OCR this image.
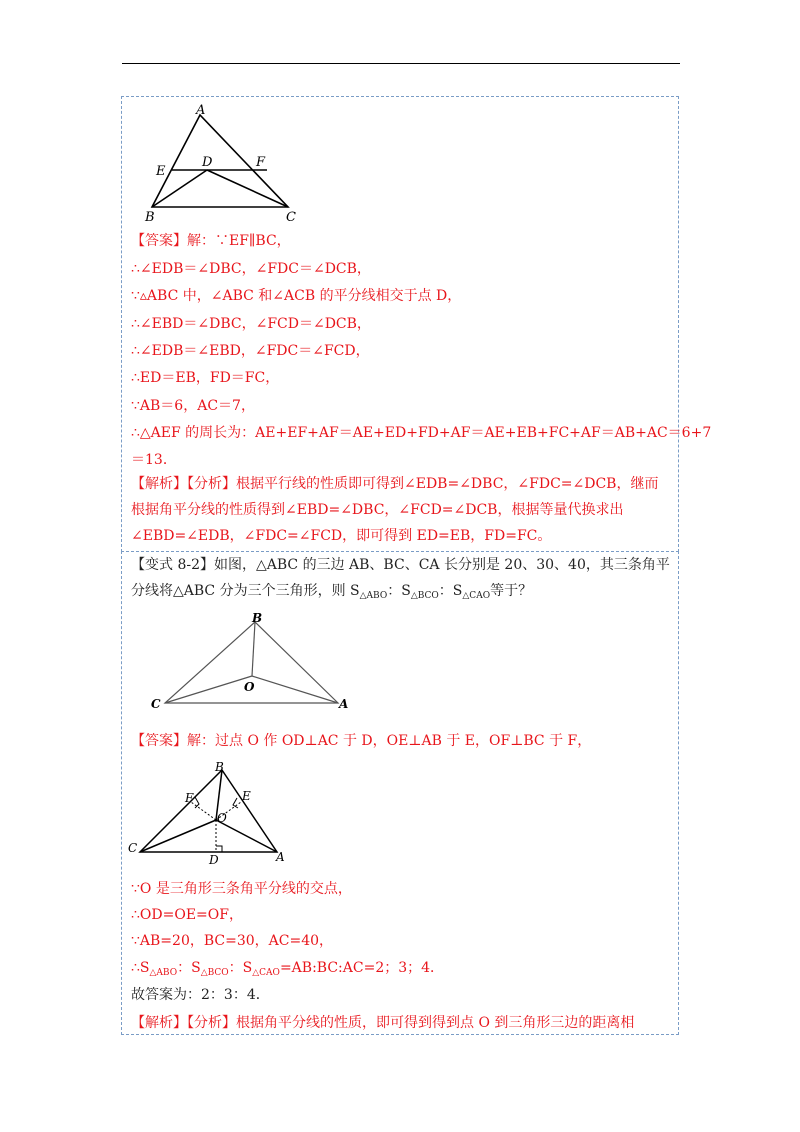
A
B	C
D
E
F
【答案】解：∵EF∥BC，
∴∠EDB＝∠DBC，∠FDC＝∠DCB，
∵▵ABC 中，∠ABC 和∠ACB 的平分线相交于点 D，
∴∠EBD＝∠DBC，∠FCD＝∠DCB，
∴∠EDB＝∠EBD，∠FDC＝∠FCD，
∴ED＝EB，FD＝FC，
∵AB＝6，AC＝7，
∴△AEF 的周长为：AE+EF+AF＝AE+ED+FD+AF＝AE+EB+FC+AF＝AB+AC＝6+7
＝13．
【解析】【分析】根据平行线的性质即可得到∠EDB=∠DBC，∠FDC=∠DCB，继而
根据角平分线的性质得到∠EBD=∠DBC，∠FCD=∠DCB，根据等量代换求出
∠EBD=∠EDB，∠FDC=∠FCD，即可得到 ED=EB，FD=FC。
【变式 8-2】如图，△ABC 的三边 AB、BC、CA 长分别是 20、30、40，其三条角平
分线将△ABC 分为三个三角形，则 $S_{\triangle ABO}$：$S_{\triangle BCO}$：$S_{\triangle CAO}$等于？
B
C	A
O
【答案】解：过点 O 作 OD⊥AC 于 D，OE⊥AB 于 E，OF⊥BC 于 F，
B
C
A
O
D
E
F
∵O 是三角形三条角平分线的交点，
∴OD=OE=OF，
∵AB=20，BC=30，AC=40，
$\therefore S_{\triangle ABO}$：$S_{\triangle BCO}$：$S_{\triangle CAO}=AB:BC:AC=2$；3；4．
故答案为：2：3：4．
【解析】【分析】根据角平分线的性质，即可得到得到点 O 到三角形三边的距离相
